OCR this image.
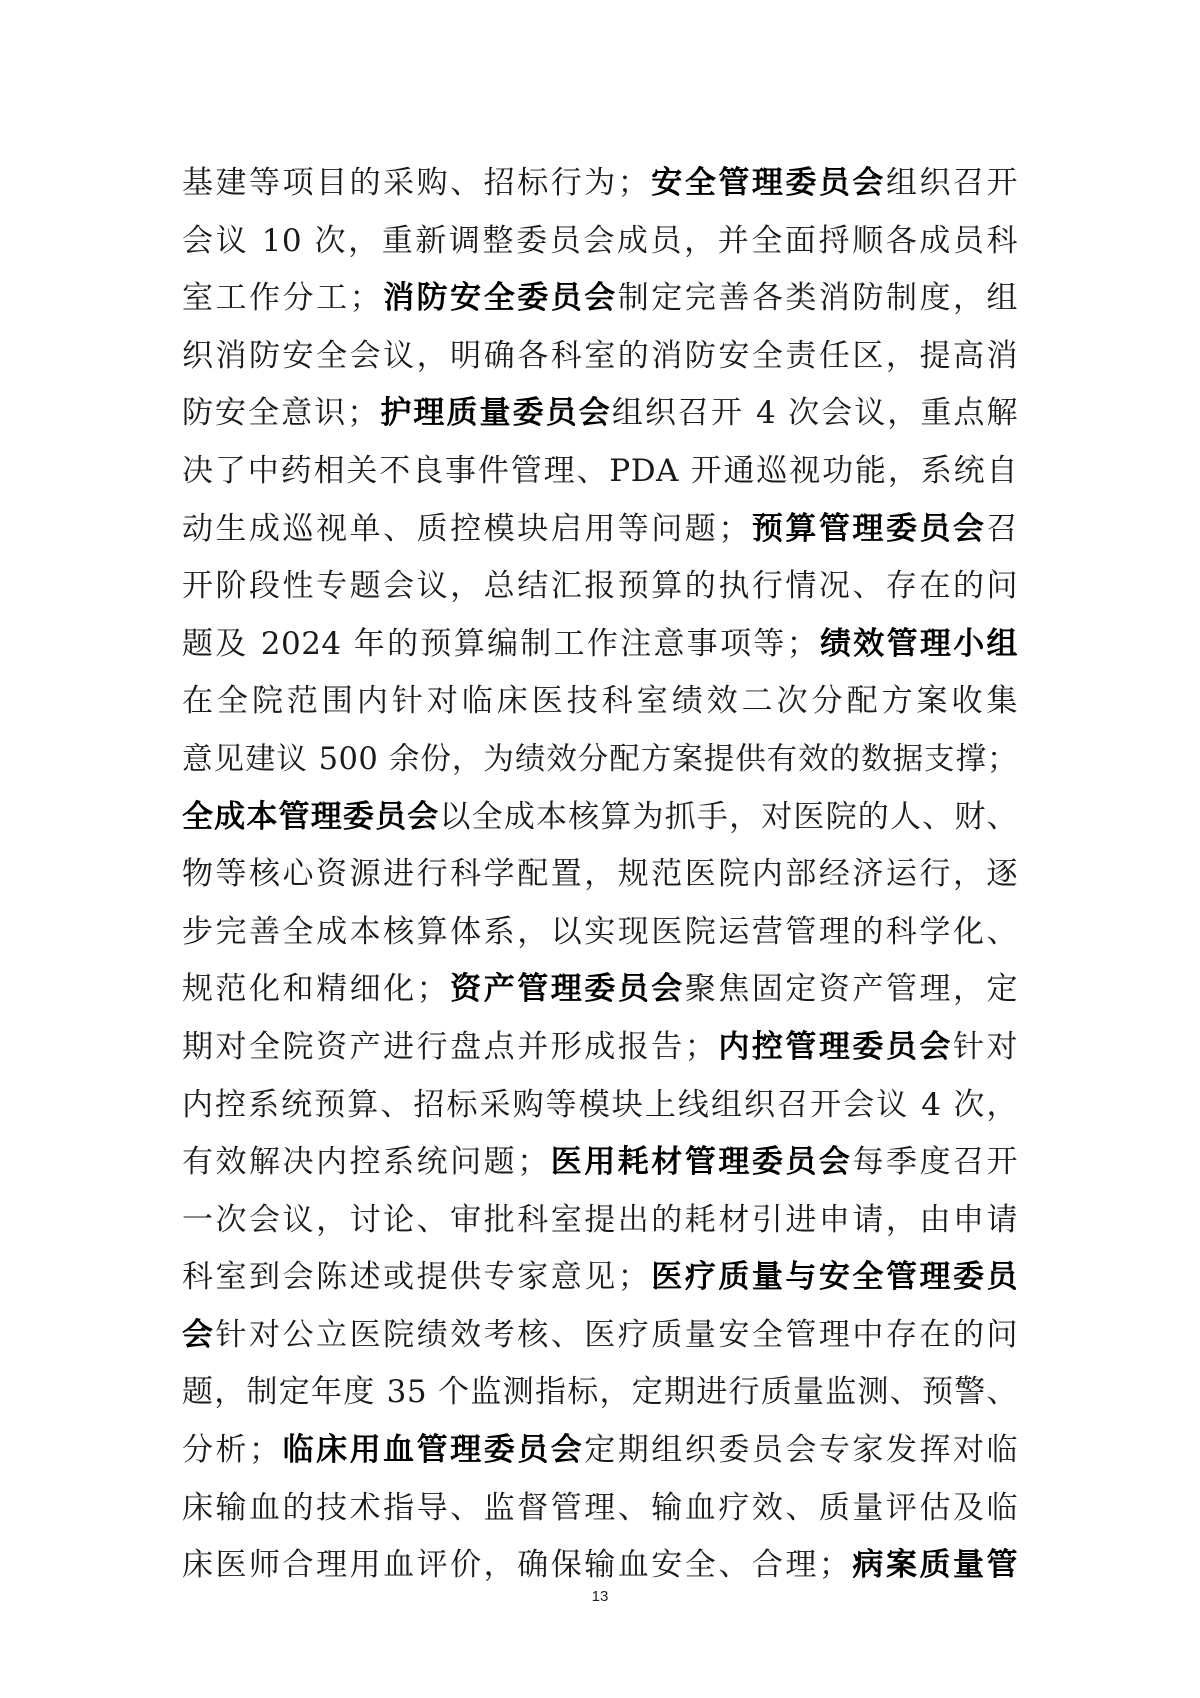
基建等项目的采购、招标行为；安全管理委员会组织召开
会议 10 次，重新调整委员会成员，并全面捋顺各成员科
室工作分工；消防安全委员会制定完善各类消防制度，组
织消防安全会议，明确各科室的消防安全责任区，提高消
防安全意识；护理质量委员会组织召开 4 次会议，重点解
决了中药相关不良事件管理、PDA 开通巡视功能，系统自
动生成巡视单、质控模块启用等问题；预算管理委员会召
开阶段性专题会议，总结汇报预算的执行情况、存在的问
题及 2024 年的预算编制工作注意事项等；绩效管理小组
在全院范围内针对临床医技科室绩效二次分配方案收集
意见建议 500 余份，为绩效分配方案提供有效的数据支撑；
全成本管理委员会以全成本核算为抓手，对医院的人、财、
物等核心资源进行科学配置，规范医院内部经济运行，逐
步完善全成本核算体系，以实现医院运营管理的科学化、
规范化和精细化；资产管理委员会聚焦固定资产管理，定
期对全院资产进行盘点并形成报告；内控管理委员会针对
内控系统预算、招标采购等模块上线组织召开会议 4 次，
有效解决内控系统问题；医用耗材管理委员会每季度召开
一次会议，讨论、审批科室提出的耗材引进申请，由申请
科室到会陈述或提供专家意见；医疗质量与安全管理委员
会针对公立医院绩效考核、医疗质量安全管理中存在的问
题，制定年度 35 个监测指标，定期进行质量监测、预警、
分析；临床用血管理委员会定期组织委员会专家发挥对临
床输血的技术指导、监督管理、输血疗效、质量评估及临
床医师合理用血评价，确保输血安全、合理；病案质量管
13
